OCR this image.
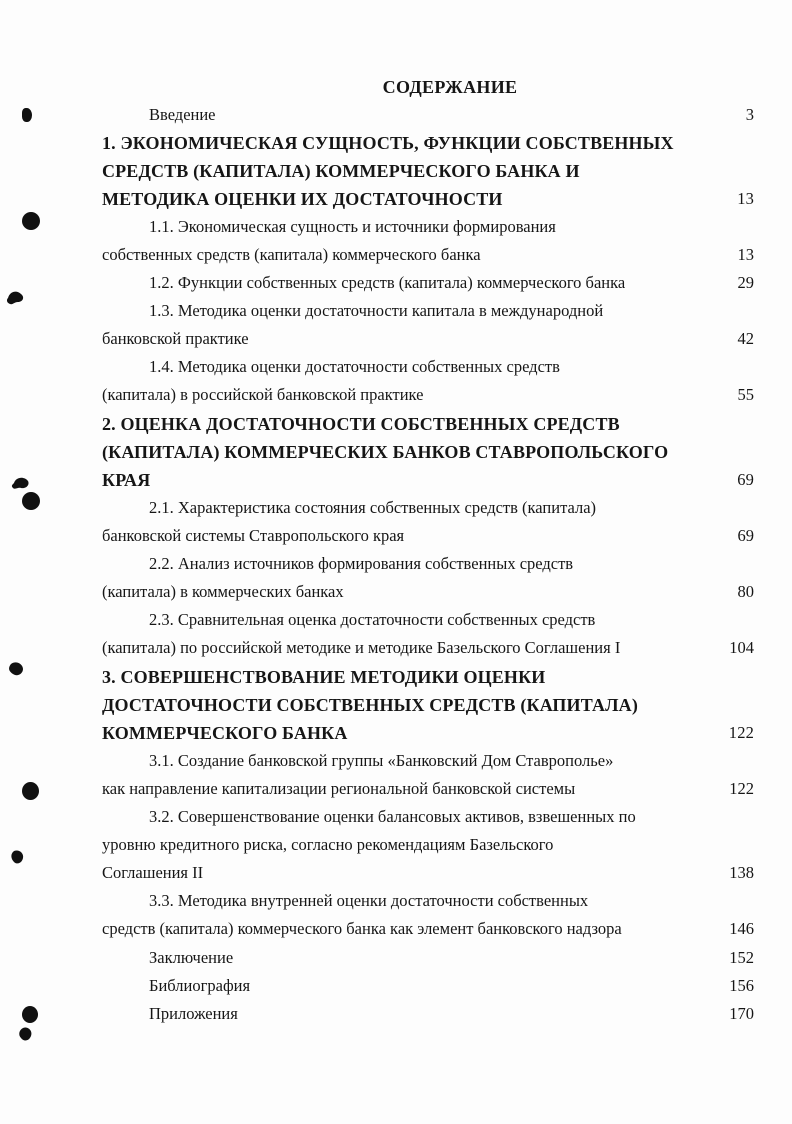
СОДЕРЖАНИЕ
Введение	3
1. ЭКОНОМИЧЕСКАЯ СУЩНОСТЬ, ФУНКЦИИ СОБСТВЕННЫХ
СРЕДСТВ (КАПИТАЛА) КОММЕРЧЕСКОГО БАНКА И
МЕТОДИКА ОЦЕНКИ ИХ ДОСТАТОЧНОСТИ	13
1.1. Экономическая сущность и источники формирования
собственных средств (капитала) коммерческого банка	13
1.2. Функции собственных средств (капитала) коммерческого банка	29
1.3. Методика оценки достаточности капитала в международной
банковской практике	42
1.4. Методика оценки достаточности собственных средств
(капитала) в российской банковской практике	55
2. ОЦЕНКА ДОСТАТОЧНОСТИ СОБСТВЕННЫХ СРЕДСТВ
(КАПИТАЛА) КОММЕРЧЕСКИХ БАНКОВ СТАВРОПОЛЬСКОГО
КРАЯ	69
2.1. Характеристика состояния собственных средств (капитала)
банковской системы Ставропольского края	69
2.2. Анализ источников формирования собственных средств
(капитала) в коммерческих банках	80
2.3. Сравнительная оценка достаточности собственных средств
(капитала) по российской методике и методике Базельского Соглашения I	104
3. СОВЕРШЕНСТВОВАНИЕ МЕТОДИКИ ОЦЕНКИ
ДОСТАТОЧНОСТИ СОБСТВЕННЫХ СРЕДСТВ (КАПИТАЛА)
КОММЕРЧЕСКОГО БАНКА	122
3.1. Создание банковской группы «Банковский Дом Ставрополье»
как направление капитализации региональной банковской системы	122
3.2. Совершенствование оценки балансовых активов, взвешенных по
уровню кредитного риска, согласно рекомендациям Базельского
Соглашения II	138
3.3. Методика внутренней оценки достаточности собственных
средств (капитала) коммерческого банка как элемент банковского надзора	146
Заключение	152
Библиография	156
Приложения	170
